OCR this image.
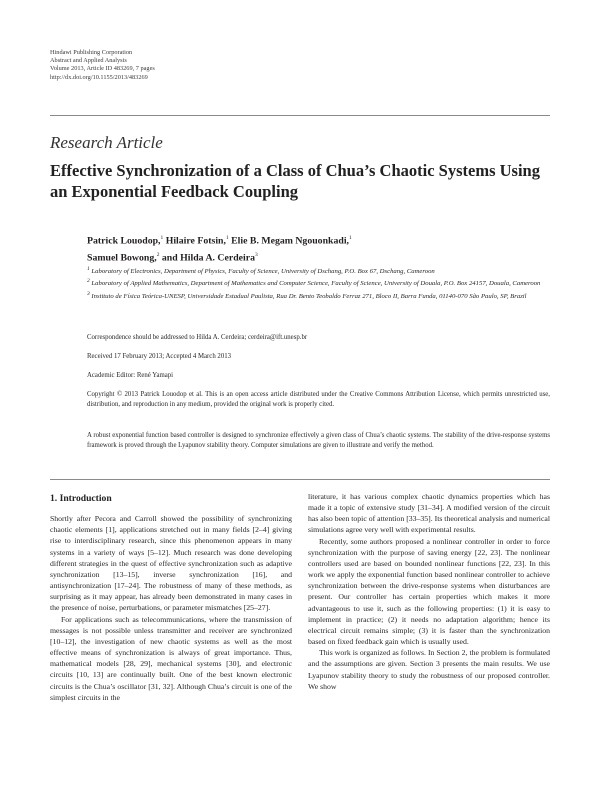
Hindawi Publishing Corporation
Abstract and Applied Analysis
Volume 2013, Article ID 483269, 7 pages
http://dx.doi.org/10.1155/2013/483269
Research Article
Effective Synchronization of a Class of Chua’s Chaotic Systems Using an Exponential Feedback Coupling
Patrick Louodop,$^1$ Hilaire Fotsin,$^1$ Elie B. Megam Ngouonkadi,$^1$
Samuel Bowong,$^2$ and Hilda A. Cerdeira$^3$
$^1$ Laboratory of Electronics, Department of Physics, Faculty of Science, University of Dschang, P.O. Box 67, Dschang, Cameroon
$^2$ Laboratory of Applied Mathematics, Department of Mathematics and Computer Science, Faculty of Science, University of Douala, P.O. Box 24157, Douala, Cameroon
$^3$ Instituto de Física Teórica-UNESP, Universidade Estadual Paulista, Rua Dr. Bento Teobaldo Ferraz 271, Bloco II, Barra Funda, 01140-070 São Paulo, SP, Brazil
Correspondence should be addressed to Hilda A. Cerdeira; cerdeira@ift.unesp.br
Received 17 February 2013; Accepted 4 March 2013
Academic Editor: René Yamapi
Copyright © 2013 Patrick Louodop et al. This is an open access article distributed under the Creative Commons Attribution License, which permits unrestricted use, distribution, and reproduction in any medium, provided the original work is properly cited.
A robust exponential function based controller is designed to synchronize effectively a given class of Chua’s chaotic systems. The stability of the drive-response systems framework is proved through the Lyapunov stability theory. Computer simulations are given to illustrate and verify the method.
1. Introduction

Shortly after Pecora and Carroll showed the possibility of synchronizing chaotic elements [1], applications stretched out in many fields [2–4] giving rise to interdisciplinary research, since this phenomenon appears in many systems in a variety of ways [5–12]. Much research was done developing different strategies in the quest of effective synchronization such as adaptive synchronization [13–15], inverse synchronization [16], and antisynchronization [17–24]. The robustness of many of these methods, as surprising as it may appear, has already been demonstrated in many cases in the presence of noise, perturbations, or parameter mismatches [25–27].

For applications such as telecommunications, where the transmission of messages is not possible unless transmitter and receiver are synchronized [10–12], the investigation of new chaotic systems as well as the most effective means of synchronization is always of great importance. Thus, mathematical models [28, 29], mechanical systems [30], and electronic circuits [10, 13] are continually built. One of the best known electronic circuits is the Chua’s oscillator [31, 32]. Although Chua’s circuit is one of the simplest circuits in the

literature, it has various complex chaotic dynamics properties which has made it a topic of extensive study [31–34]. A modified version of the circuit has also been topic of attention [33–35]. Its theoretical analysis and numerical simulations agree very well with experimental results.

Recently, some authors proposed a nonlinear controller in order to force synchronization with the purpose of saving energy [22, 23]. The nonlinear controllers used are based on bounded nonlinear functions [22, 23]. In this work we apply the exponential function based nonlinear controller to achieve synchronization between the drive-response systems when disturbances are present. Our controller has certain properties which makes it more advantageous to use it, such as the following properties: (1) it is easy to implement in practice; (2) it needs no adaptation algorithm; hence its electrical circuit remains simple; (3) it is faster than the synchronization based on fixed feedback gain which is usually used.

This work is organized as follows. In Section 2, the problem is formulated and the assumptions are given. Section 3 presents the main results. We use Lyapunov stability theory to study the robustness of our proposed controller. We show
